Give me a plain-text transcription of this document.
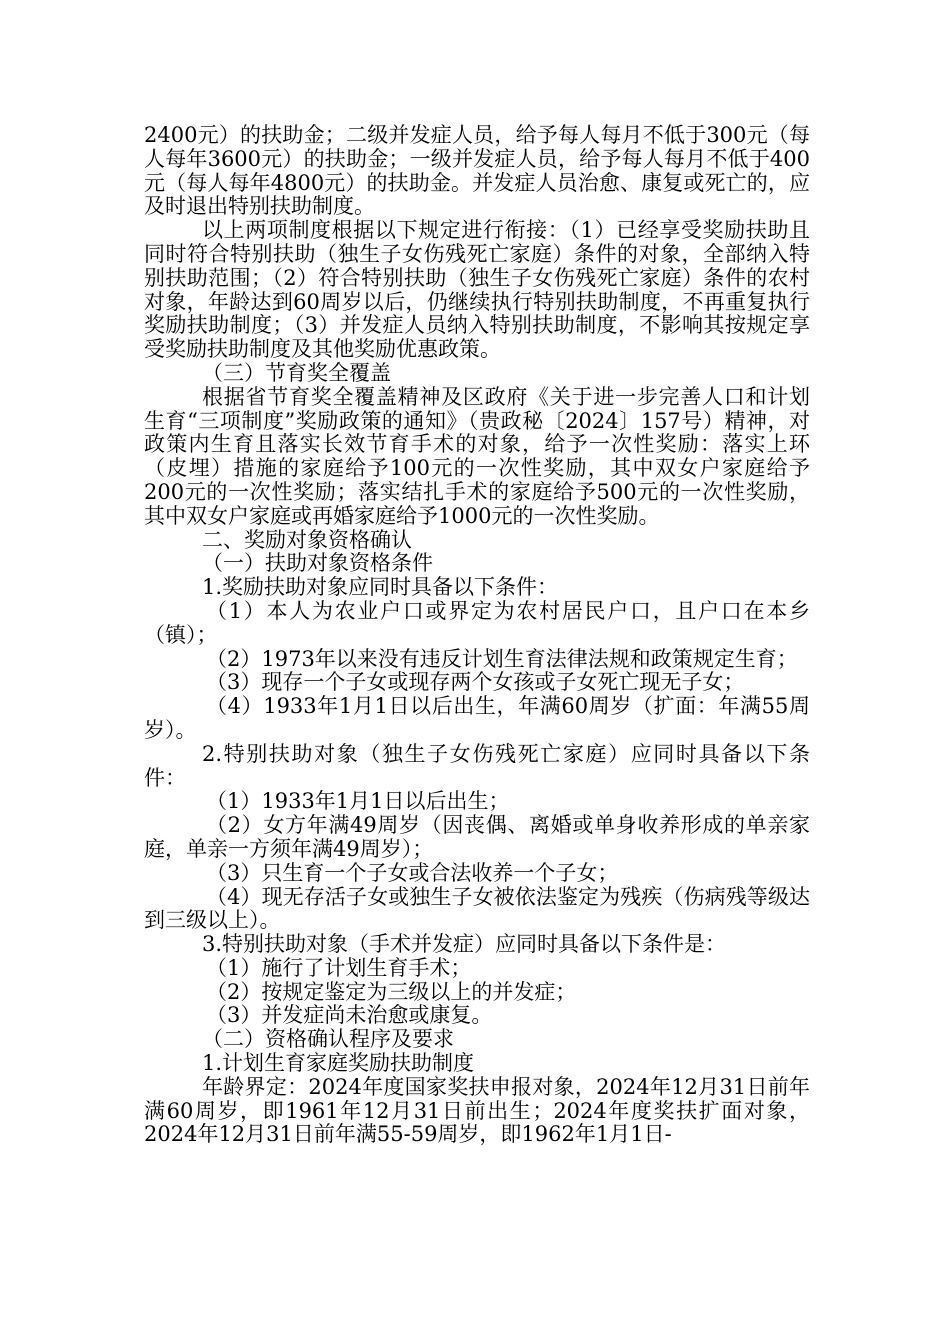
2400元）的扶助金；二级并发症人员，给予每人每月不低于300元（每人每年3600元）的扶助金；一级并发症人员，给予每人每月不低于400元（每人每年4800元）的扶助金。并发症人员治愈、康复或死亡的，应及时退出特别扶助制度。

以上两项制度根据以下规定进行衔接：（1）已经享受奖励扶助且同时符合特别扶助（独生子女伤残死亡家庭）条件的对象，全部纳入特别扶助范围；（2）符合特别扶助（独生子女伤残死亡家庭）条件的农村对象，年龄达到60周岁以后，仍继续执行特别扶助制度，不再重复执行奖励扶助制度；（3）并发症人员纳入特别扶助制度，不影响其按规定享受奖励扶助制度及其他奖励优惠政策。

（三）节育奖全覆盖

根据省节育奖全覆盖精神及区政府《关于进一步完善人口和计划生育“三项制度”奖励政策的通知》（贵政秘〔2024〕157号）精神，对政策内生育且落实长效节育手术的对象，给予一次性奖励：落实上环（皮埋）措施的家庭给予100元的一次性奖励，其中双女户家庭给予200元的一次性奖励；落实结扎手术的家庭给予500元的一次性奖励，其中双女户家庭或再婚家庭给予1000元的一次性奖励。

二、奖励对象资格确认

（一）扶助对象资格条件

1.奖励扶助对象应同时具备以下条件：

（1）本人为农业户口或界定为农村居民户口，且户口在本乡（镇）；

（2）1973年以来没有违反计划生育法律法规和政策规定生育；

（3）现存一个子女或现存两个女孩或子女死亡现无子女；

（4）1933年1月1日以后出生，年满60周岁（扩面：年满55周岁）。

2.特别扶助对象（独生子女伤残死亡家庭）应同时具备以下条件：

（1）1933年1月1日以后出生；

（2）女方年满49周岁（因丧偶、离婚或单身收养形成的单亲家庭，单亲一方须年满49周岁）；

（3）只生育一个子女或合法收养一个子女；

（4）现无存活子女或独生子女被依法鉴定为残疾（伤病残等级达到三级以上）。

3.特别扶助对象（手术并发症）应同时具备以下条件是：

（1）施行了计划生育手术；

（2）按规定鉴定为三级以上的并发症；

（3）并发症尚未治愈或康复。

（二）资格确认程序及要求

1.计划生育家庭奖励扶助制度

年龄界定：2024年度国家奖扶申报对象，2024年12月31日前年满60周岁，即1961年12月31日前出生；2024年度奖扶扩面对象，2024年12月31日前年满55-59周岁，即1962年1月1日-
